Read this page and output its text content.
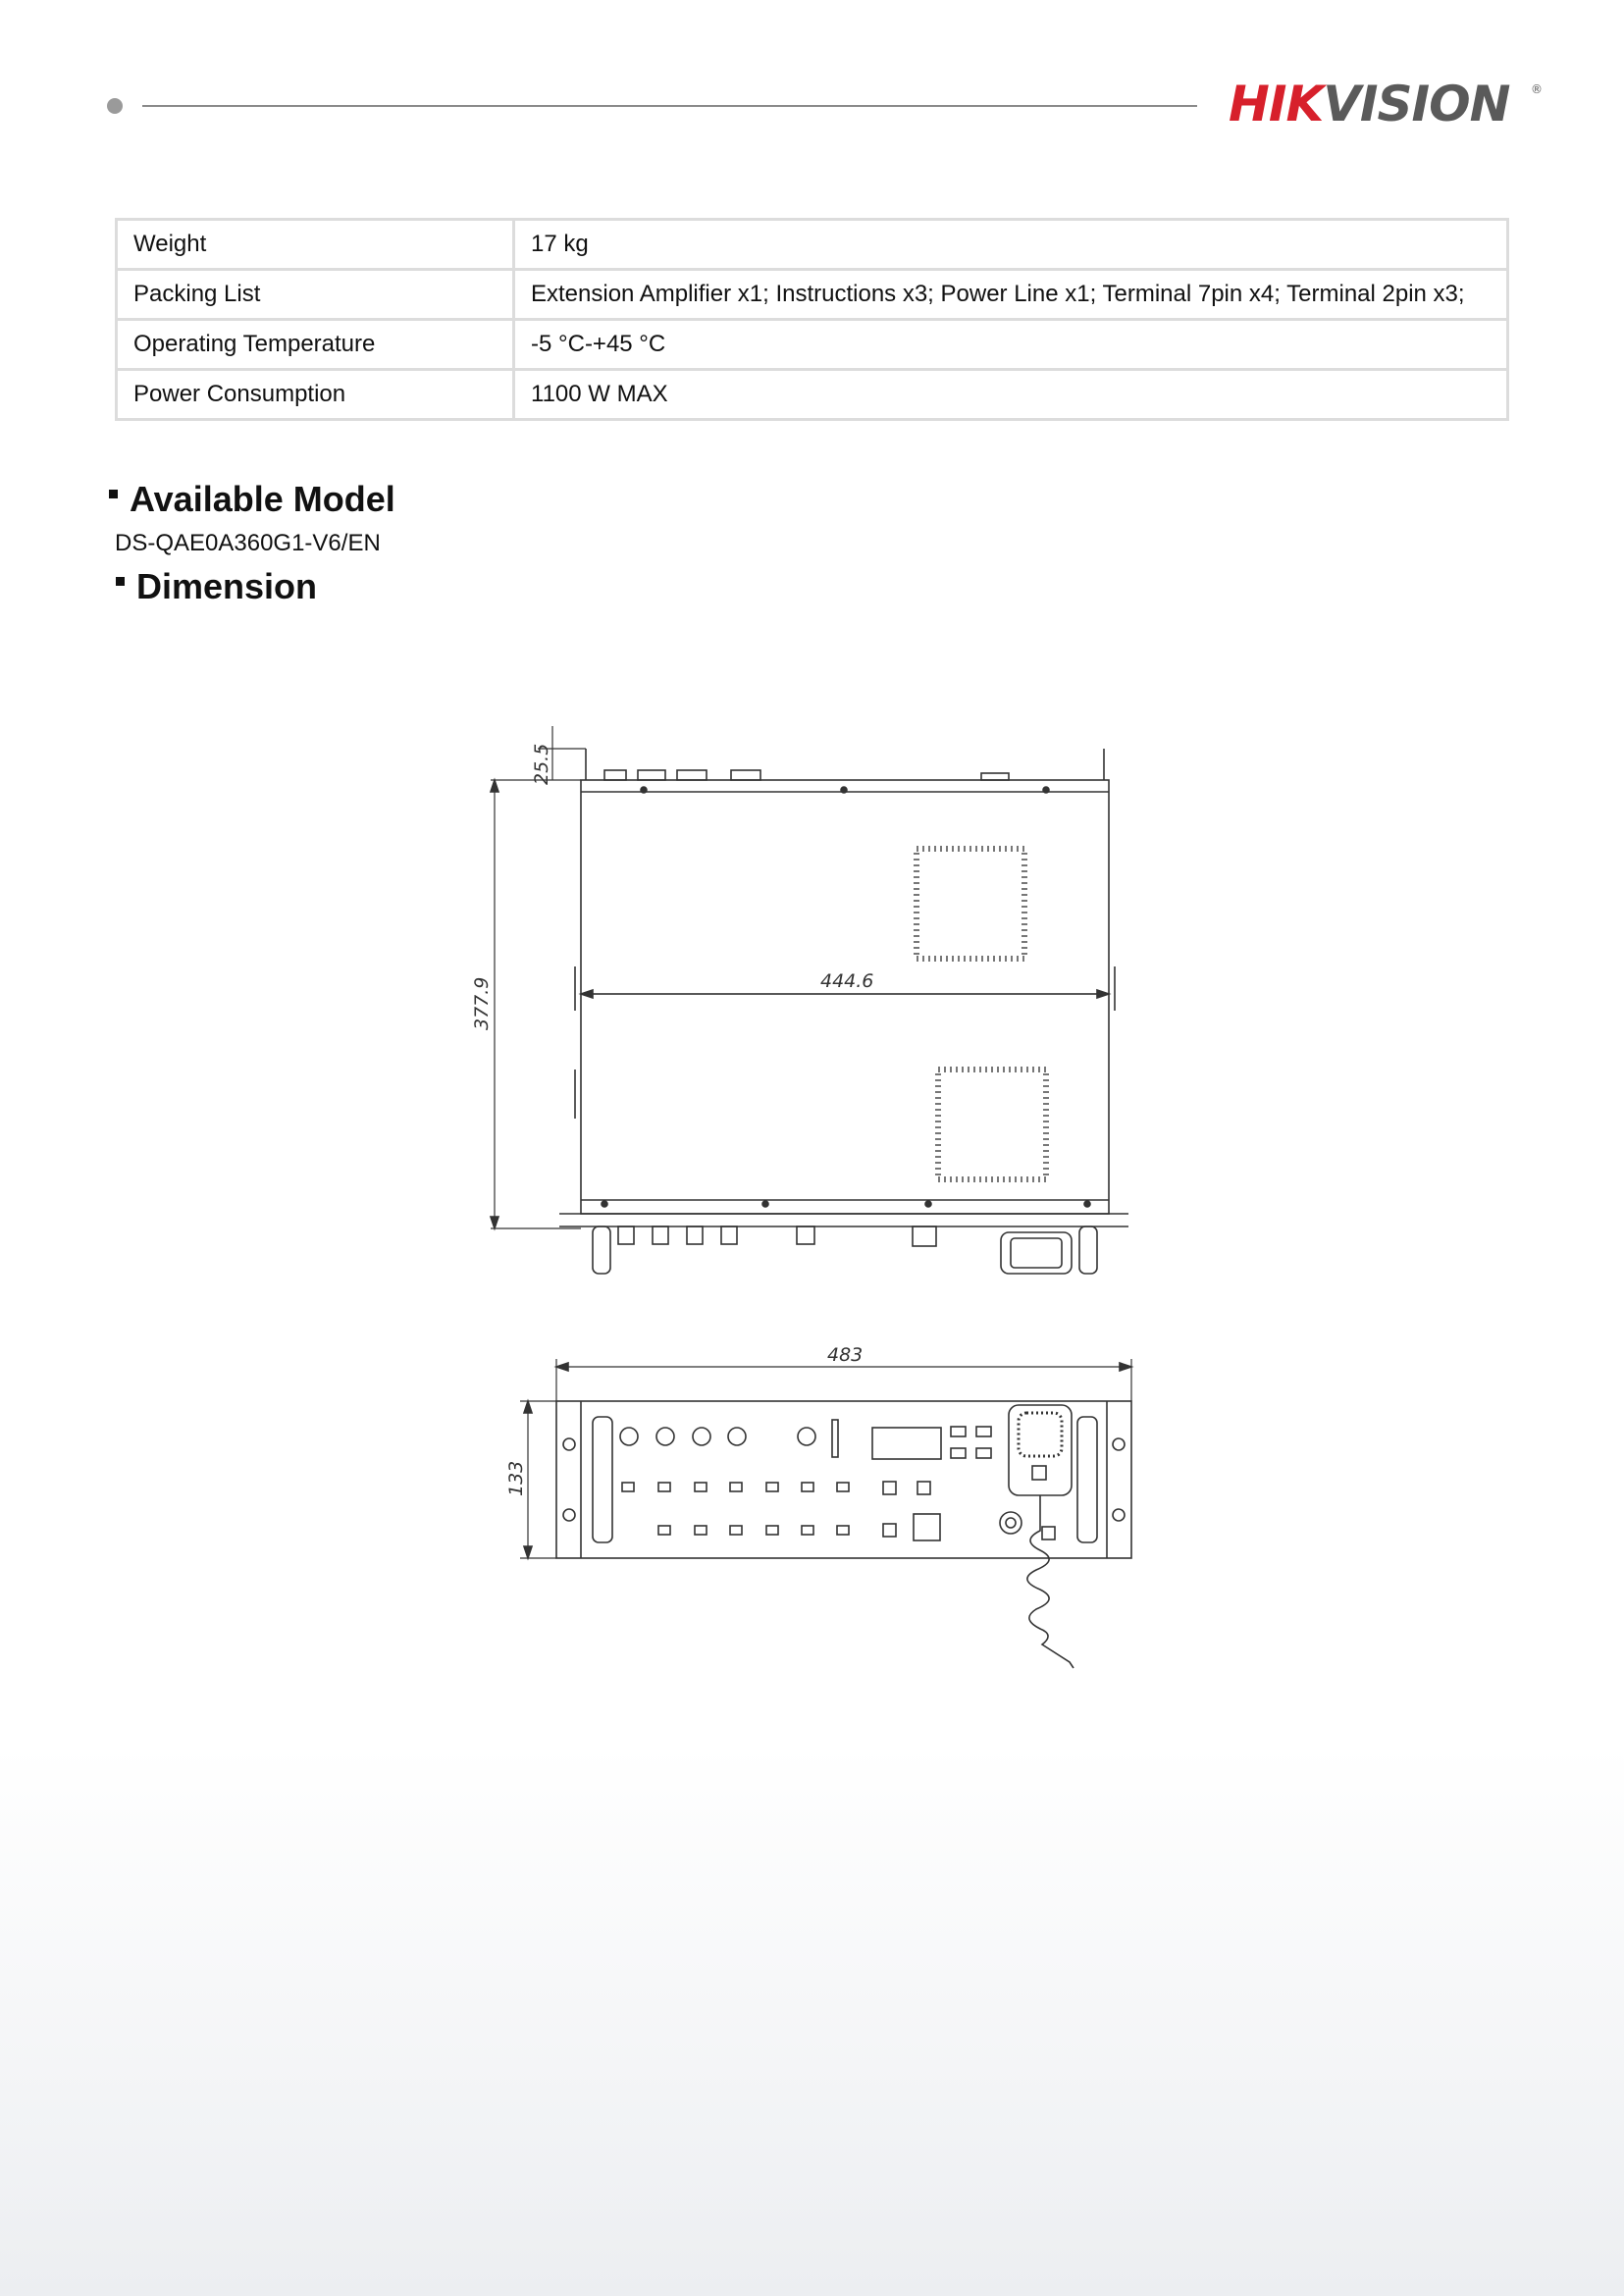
HIKVISION	®
Weight	17 kg
Packing List	Extension Amplifier x1; Instructions x3; Power Line x1; Terminal 7pin x4; Terminal 2pin x3;
Operating Temperature	-5 °C-+45 °C
Power Consumption	1100 W MAX
Available Model
DS-QAE0A360G1-V6/EN
Dimension
444.6
377.9
25.5
483
133
